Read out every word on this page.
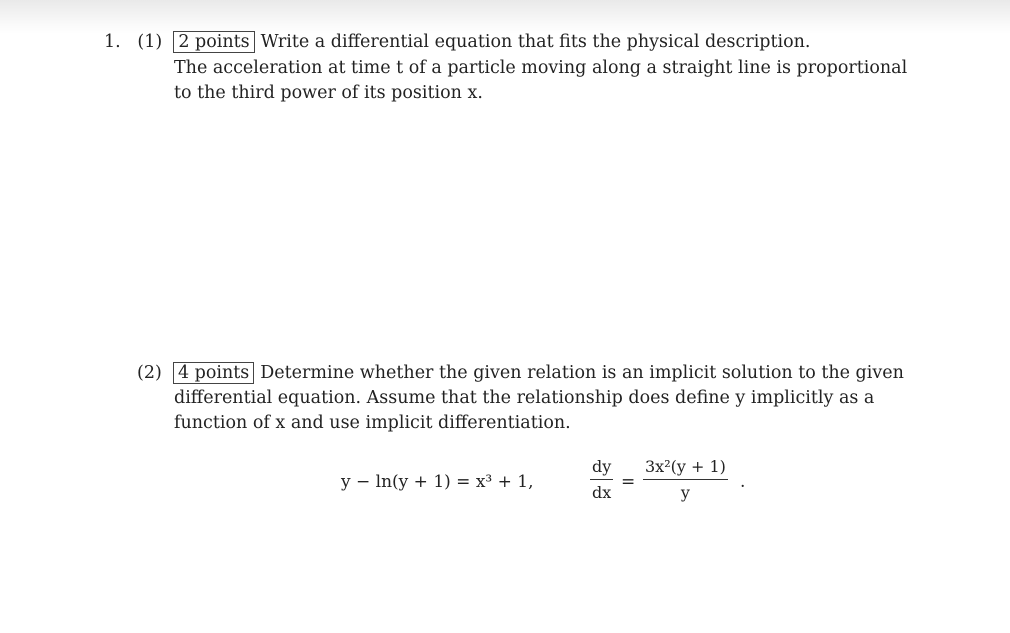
1. (1) 2 points Write a differential equation that fits the physical description.
The acceleration at time t of a particle moving along a straight line is proportional
to the third power of its position x.
(2) 4 points Determine whether the given relation is an implicit solution to the given
differential equation. Assume that the relationship does define y implicitly as a
function of x and use implicit differentiation.
y − ln(y + 1) = x³ + 1,
dy
dx
=
3x²(y + 1)
y
.
